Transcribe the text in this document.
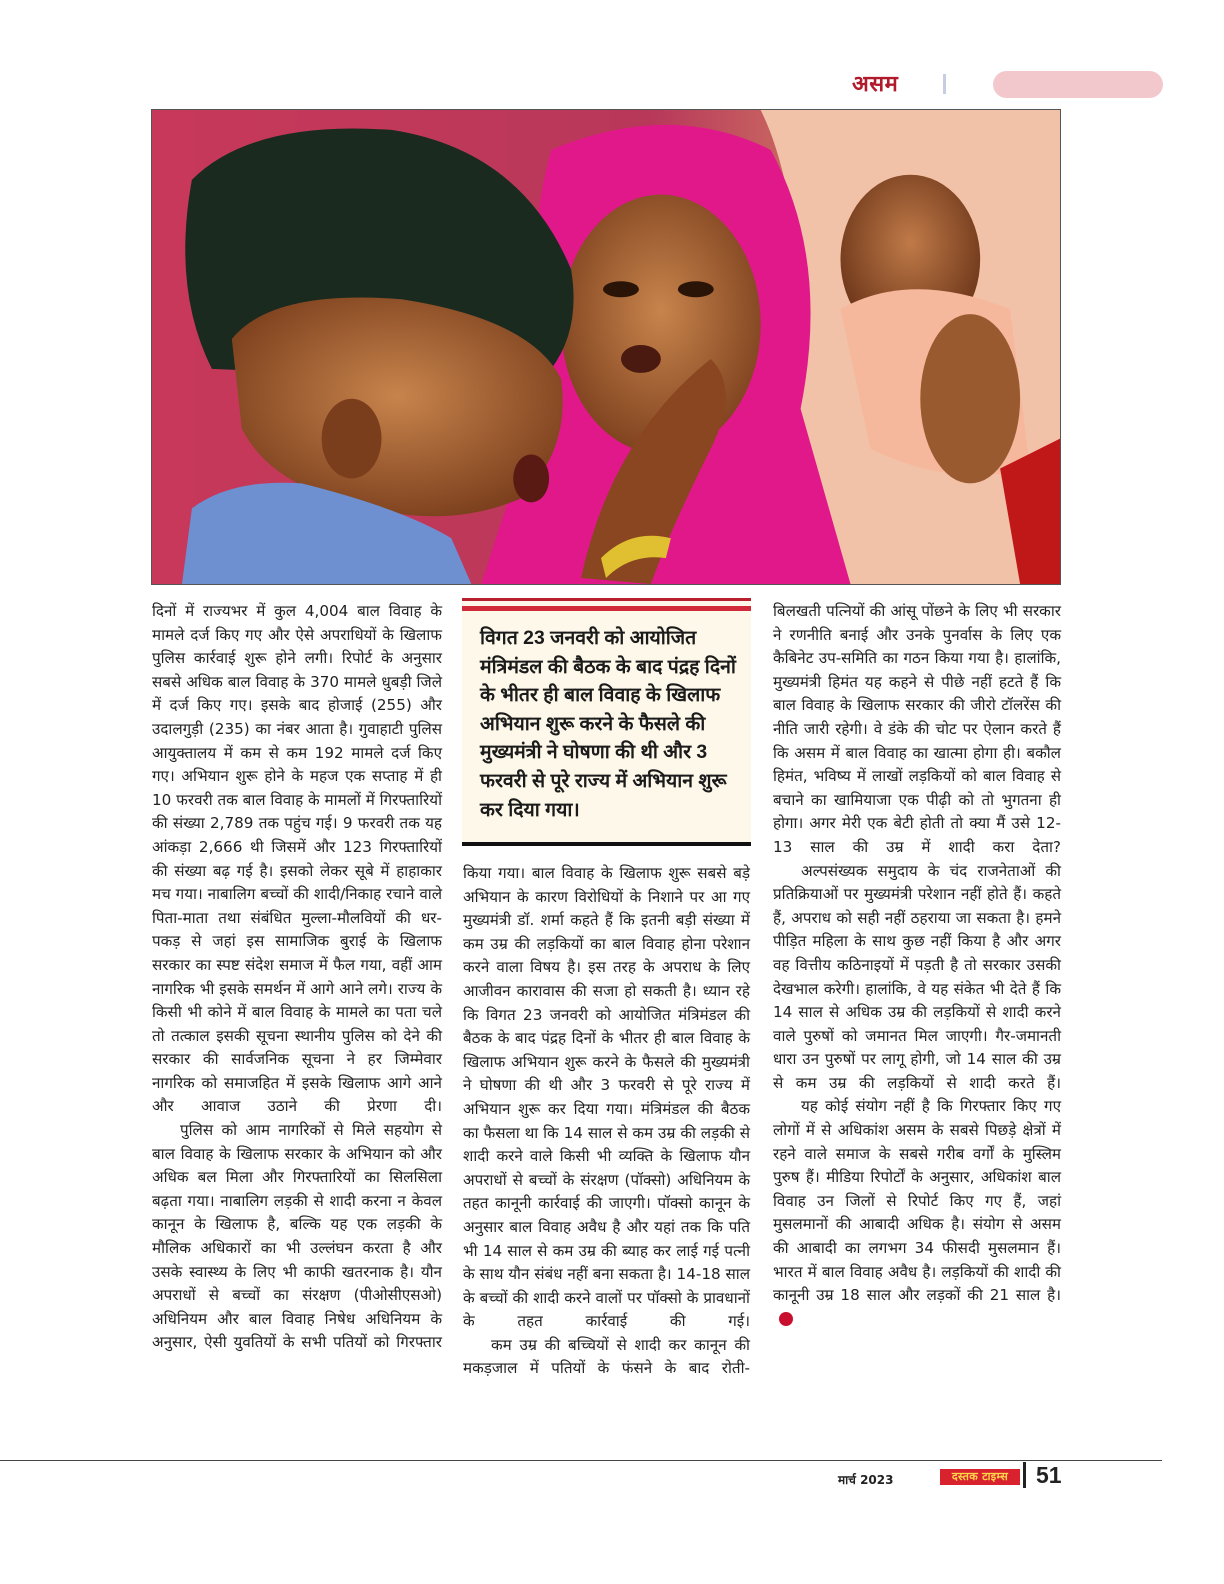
असम

दिनों में राज्यभर में कुल 4,004 बाल विवाह के मामले दर्ज किए गए और ऐसे अपराधियों के खिलाफ पुलिस कार्रवाई शुरू होने लगी। रिपोर्ट के अनुसार सबसे अधिक बाल विवाह के 370 मामले धुबड़ी जिले में दर्ज किए गए। इसके बाद होजाई (255) और उदालगुड़ी (235) का नंबर आता है। गुवाहाटी पुलिस आयुक्तालय में कम से कम 192 मामले दर्ज किए गए। अभियान शुरू होने के महज एक सप्ताह में ही 10 फरवरी तक बाल विवाह के मामलों में गिरफ्तारियों की संख्या 2,789 तक पहुंच गई। 9 फरवरी तक यह आंकड़ा 2,666 थी जिसमें और 123 गिरफ्तारियों की संख्या बढ़ गई है। इसको लेकर सूबे में हाहाकार मच गया। नाबालिग बच्चों की शादी/निकाह रचाने वाले पिता-माता तथा संबंधित मुल्ला-मौलवियों की धर-पकड़ से जहां इस सामाजिक बुराई के खिलाफ सरकार का स्पष्ट संदेश समाज में फैल गया, वहीं आम नागरिक भी इसके समर्थन में आगे आने लगे। राज्य के किसी भी कोने में बाल विवाह के मामले का पता चले तो तत्काल इसकी सूचना स्थानीय पुलिस को देने की सरकार की सार्वजनिक सूचना ने हर जिम्मेवार नागरिक को समाजहित में इसके खिलाफ आगे आने और आवाज उठाने की प्रेरणा दी।

पुलिस को आम नागरिकों से मिले सहयोग से बाल विवाह के खिलाफ सरकार के अभियान को और अधिक बल मिला और गिरफ्तारियों का सिलसिला बढ़ता गया। नाबालिग लड़की से शादी करना न केवल कानून के खिलाफ है, बल्कि यह एक लड़की के मौलिक अधिकारों का भी उल्लंघन करता है और उसके स्वास्थ्य के लिए भी काफी खतरनाक है। यौन अपराधों से बच्चों का संरक्षण (पीओसीएसओ) अधिनियम और बाल विवाह निषेध अधिनियम के अनुसार, ऐसी युवतियों के सभी पतियों को गिरफ्तार

विगत 23 जनवरी को आयोजित मंत्रिमंडल की बैठक के बाद पंद्रह दिनों के भीतर ही बाल विवाह के खिलाफ अभियान शुरू करने के फैसले की मुख्यमंत्री ने घोषणा की थी और 3 फरवरी से पूरे राज्य में अभियान शुरू कर दिया गया।

किया गया। बाल विवाह के खिलाफ शुरू सबसे बड़े अभियान के कारण विरोधियों के निशाने पर आ गए मुख्यमंत्री डॉ. शर्मा कहते हैं कि इतनी बड़ी संख्या में कम उम्र की लड़कियों का बाल विवाह होना परेशान करने वाला विषय है। इस तरह के अपराध के लिए आजीवन कारावास की सजा हो सकती है। ध्यान रहे कि विगत 23 जनवरी को आयोजित मंत्रिमंडल की बैठक के बाद पंद्रह दिनों के भीतर ही बाल विवाह के खिलाफ अभियान शुरू करने के फैसले की मुख्यमंत्री ने घोषणा की थी और 3 फरवरी से पूरे राज्य में अभियान शुरू कर दिया गया। मंत्रिमंडल की बैठक का फैसला था कि 14 साल से कम उम्र की लड़की से शादी करने वाले किसी भी व्यक्ति के खिलाफ यौन अपराधों से बच्चों के संरक्षण (पॉक्सो) अधिनियम के तहत कानूनी कार्रवाई की जाएगी। पॉक्सो कानून के अनुसार बाल विवाह अवैध है और यहां तक कि पति भी 14 साल से कम उम्र की ब्याह कर लाई गई पत्नी के साथ यौन संबंध नहीं बना सकता है। 14-18 साल के बच्चों की शादी करने वालों पर पॉक्सो के प्रावधानों के तहत कार्रवाई की गई।

कम उम्र की बच्चियों से शादी कर कानून की मकड़जाल में पतियों के फंसने के बाद रोती-

बिलखती पत्नियों की आंसू पोंछने के लिए भी सरकार ने रणनीति बनाई और उनके पुनर्वास के लिए एक कैबिनेट उप-समिति का गठन किया गया है। हालांकि, मुख्यमंत्री हिमंत यह कहने से पीछे नहीं हटते हैं कि बाल विवाह के खिलाफ सरकार की जीरो टॉलरेंस की नीति जारी रहेगी। वे डंके की चोट पर ऐलान करते हैं कि असम में बाल विवाह का खात्मा होगा ही। बकौल हिमंत, भविष्य में लाखों लड़कियों को बाल विवाह से बचाने का खामियाजा एक पीढ़ी को तो भुगतना ही होगा। अगर मेरी एक बेटी होती तो क्या मैं उसे 12-13 साल की उम्र में शादी करा देता?

अल्पसंख्यक समुदाय के चंद राजनेताओं की प्रतिक्रियाओं पर मुख्यमंत्री परेशान नहीं होते हैं। कहते हैं, अपराध को सही नहीं ठहराया जा सकता है। हमने पीड़ित महिला के साथ कुछ नहीं किया है और अगर वह वित्तीय कठिनाइयों में पड़ती है तो सरकार उसकी देखभाल करेगी। हालांकि, वे यह संकेत भी देते हैं कि 14 साल से अधिक उम्र की लड़कियों से शादी करने वाले पुरुषों को जमानत मिल जाएगी। गैर-जमानती धारा उन पुरुषों पर लागू होगी, जो 14 साल की उम्र से कम उम्र की लड़कियों से शादी करते हैं।

यह कोई संयोग नहीं है कि गिरफ्तार किए गए लोगों में से अधिकांश असम के सबसे पिछड़े क्षेत्रों में रहने वाले समाज के सबसे गरीब वर्गों के मुस्लिम पुरुष हैं। मीडिया रिपोर्टों के अनुसार, अधिकांश बाल विवाह उन जिलों से रिपोर्ट किए गए हैं, जहां मुसलमानों की आबादी अधिक है। संयोग से असम की आबादी का लगभग 34 फीसदी मुसलमान हैं। भारत में बाल विवाह अवैध है। लड़कियों की शादी की कानूनी उम्र 18 साल और लड़कों की 21 साल है।

मार्च 2023	दस्तक टाइम्स	51
